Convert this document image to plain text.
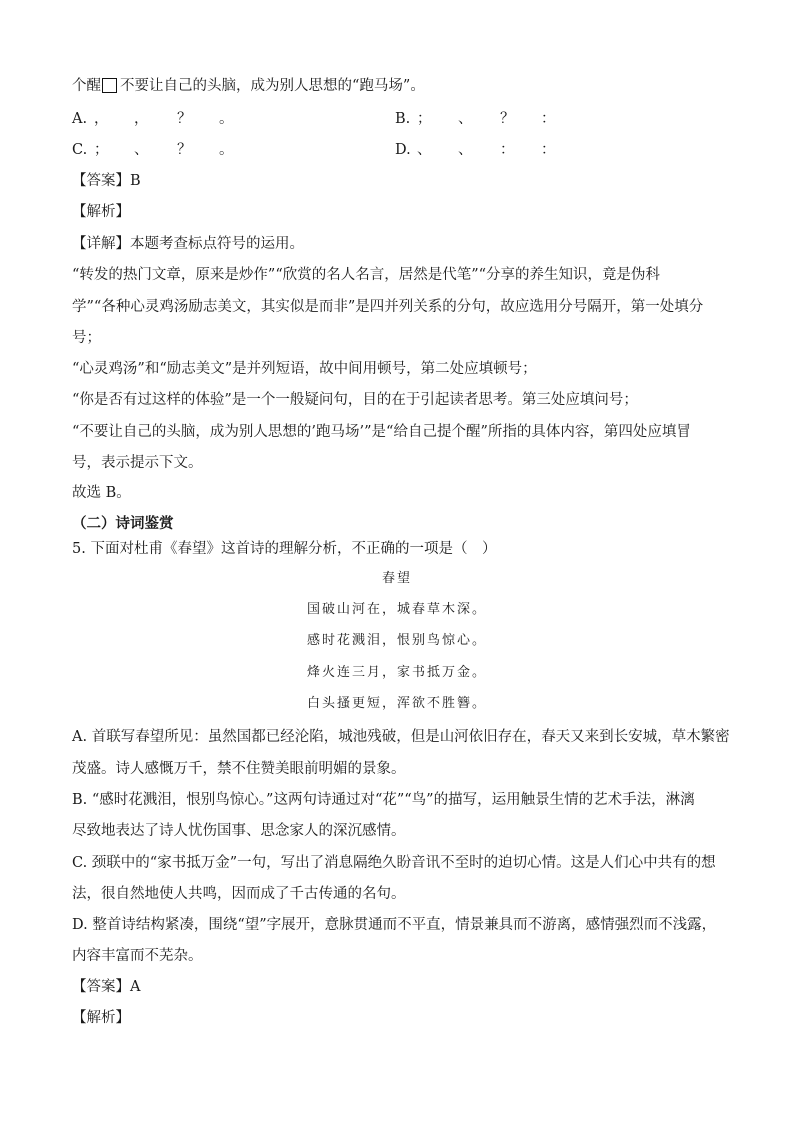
个醒 不要让自己的头脑，成为别人思想的“跑马场”。
A. ， ， ？ 。	B. ； 、 ？ ：
C. ； 、 ？ 。	D. 、 、 ： ：
【答案】B
【解析】
【详解】本题考查标点符号的运用。
“转发的热门文章，原来是炒作”“欣赏的名人名言，居然是代笔”“分享的养生知识，竟是伪科
学”“各种心灵鸡汤励志美文，其实似是而非”是四并列关系的分句，故应选用分号隔开，第一处填分
号；
“心灵鸡汤”和“励志美文”是并列短语，故中间用顿号，第二处应填顿号；
“你是否有过这样的体验”是一个一般疑问句，目的在于引起读者思考。第三处应填问号；
“不要让自己的头脑，成为别人思想的’跑马场’”是“给自己提个醒”所指的具体内容，第四处应填冒
号，表示提示下文。
故选 B。
（二）诗词鉴赏
5. 下面对杜甫《春望》这首诗的理解分析，不正确的一项是（　）
春望
国破山河在，城春草木深。
感时花溅泪，恨别鸟惊心。
烽火连三月，家书抵万金。
白头搔更短，浑欲不胜簪。
A. 首联写春望所见：虽然国都已经沦陷，城池残破，但是山河依旧存在，春天又来到长安城，草木繁密
茂盛。诗人感慨万千，禁不住赞美眼前明媚的景象。
B. “感时花溅泪，恨别鸟惊心。”这两句诗通过对“花”“鸟”的描写，运用触景生情的艺术手法，淋漓
尽致地表达了诗人忧伤国事、思念家人的深沉感情。
C. 颈联中的“家书抵万金”一句，写出了消息隔绝久盼音讯不至时的迫切心情。这是人们心中共有的想
法，很自然地使人共鸣，因而成了千古传通的名句。
D. 整首诗结构紧凑，围绕“望”字展开，意脉贯通而不平直，情景兼具而不游离，感情强烈而不浅露，
内容丰富而不芜杂。
【答案】A
【解析】
